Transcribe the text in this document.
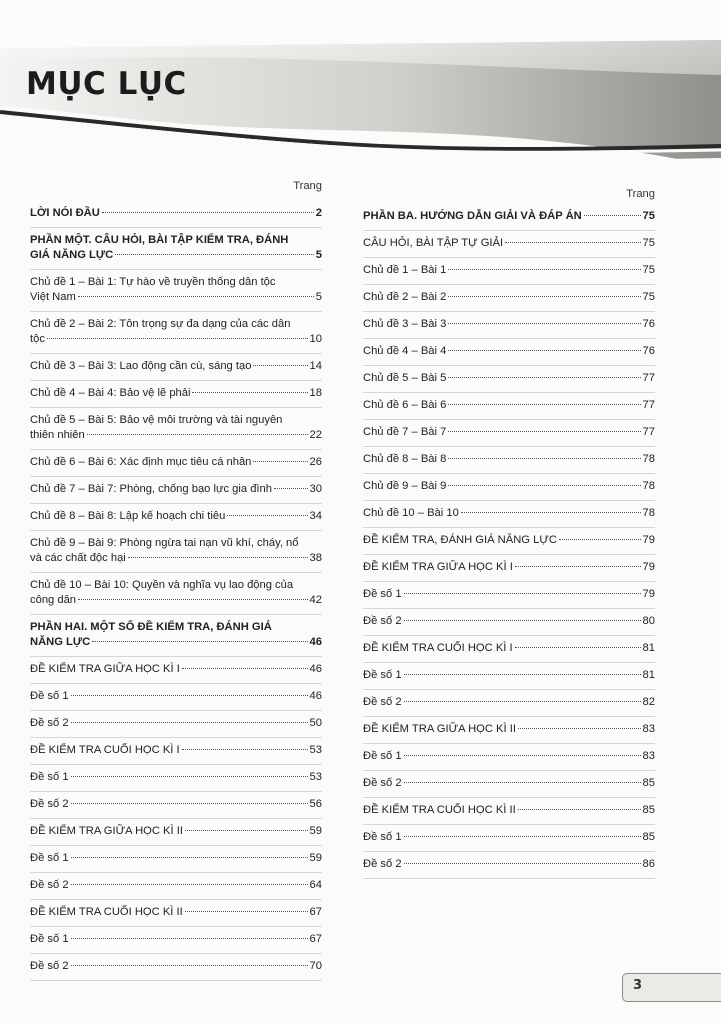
MỤC LỤC
Trang
LỜI NÓI ĐẦU	2
PHẦN MỘT. CÂU HỎI, BÀI TẬP KIỂM TRA, ĐÁNH
GIÁ NĂNG LỰC	5
Chủ đề 1 – Bài 1: Tự hào về truyền thống dân tộc
Việt Nam	5
Chủ đề 2 – Bài 2: Tôn trọng sự đa dạng của các dân
tộc	10
Chủ đề 3 – Bài 3: Lao động cần cù, sáng tạo	14
Chủ đề 4 – Bài 4: Bảo vệ lẽ phải	18
Chủ đề 5 – Bài 5: Bảo vệ môi trường và tài nguyên
thiên nhiên	22
Chủ đề 6 – Bài 6: Xác định mục tiêu cá nhân	26
Chủ đề 7 – Bài 7: Phòng, chống bạo lực gia đình	30
Chủ đề 8 – Bài 8: Lập kế hoạch chi tiêu	34
Chủ đề 9 – Bài 9: Phòng ngừa tai nạn vũ khí, cháy, nổ
và các chất độc hại	38
Chủ đề 10 – Bài 10: Quyền và nghĩa vụ lao động của
công dân	42
PHẦN HAI. MỘT SỐ ĐỀ KIỂM TRA, ĐÁNH GIÁ
NĂNG LỰC	46
ĐỀ KIỂM TRA GIỮA HỌC KÌ I	46
Đề số 1	46
Đề số 2	50
ĐỀ KIỂM TRA CUỐI HỌC KÌ I	53
Đề số 1	53
Đề số 2	56
ĐỀ KIỂM TRA GIỮA HỌC KÌ II	59
Đề số 1	59
Đề số 2	64
ĐỀ KIỂM TRA CUỐI HỌC KÌ II	67
Đề số 1	67
Đề số 2	70
Trang
PHẦN BA. HƯỚNG DẪN GIẢI VÀ ĐÁP ÁN	75
CÂU HỎI, BÀI TẬP TỰ GIẢI	75
Chủ đề 1 – Bài 1	75
Chủ đề 2 – Bài 2	75
Chủ đề 3 – Bài 3	76
Chủ đề 4 – Bài 4	76
Chủ đề 5 – Bài 5	77
Chủ đề 6 – Bài 6	77
Chủ đề 7 – Bài 7	77
Chủ đề 8 – Bài 8	78
Chủ đề 9 – Bài 9	78
Chủ đề 10 – Bài 10	78
ĐỀ KIỂM TRA, ĐÁNH GIÁ NĂNG LỰC	79
ĐỀ KIỂM TRA GIỮA HỌC KÌ I	79
Đề số 1	79
Đề số 2	80
ĐỀ KIỂM TRA CUỐI HỌC KÌ I	81
Đề số 1	81
Đề số 2	82
ĐỀ KIỂM TRA GIỮA HỌC KÌ II	83
Đề số 1	83
Đề số 2	85
ĐỀ KIỂM TRA CUỐI HỌC KÌ II	85
Đề số 1	85
Đề số 2	86
3
